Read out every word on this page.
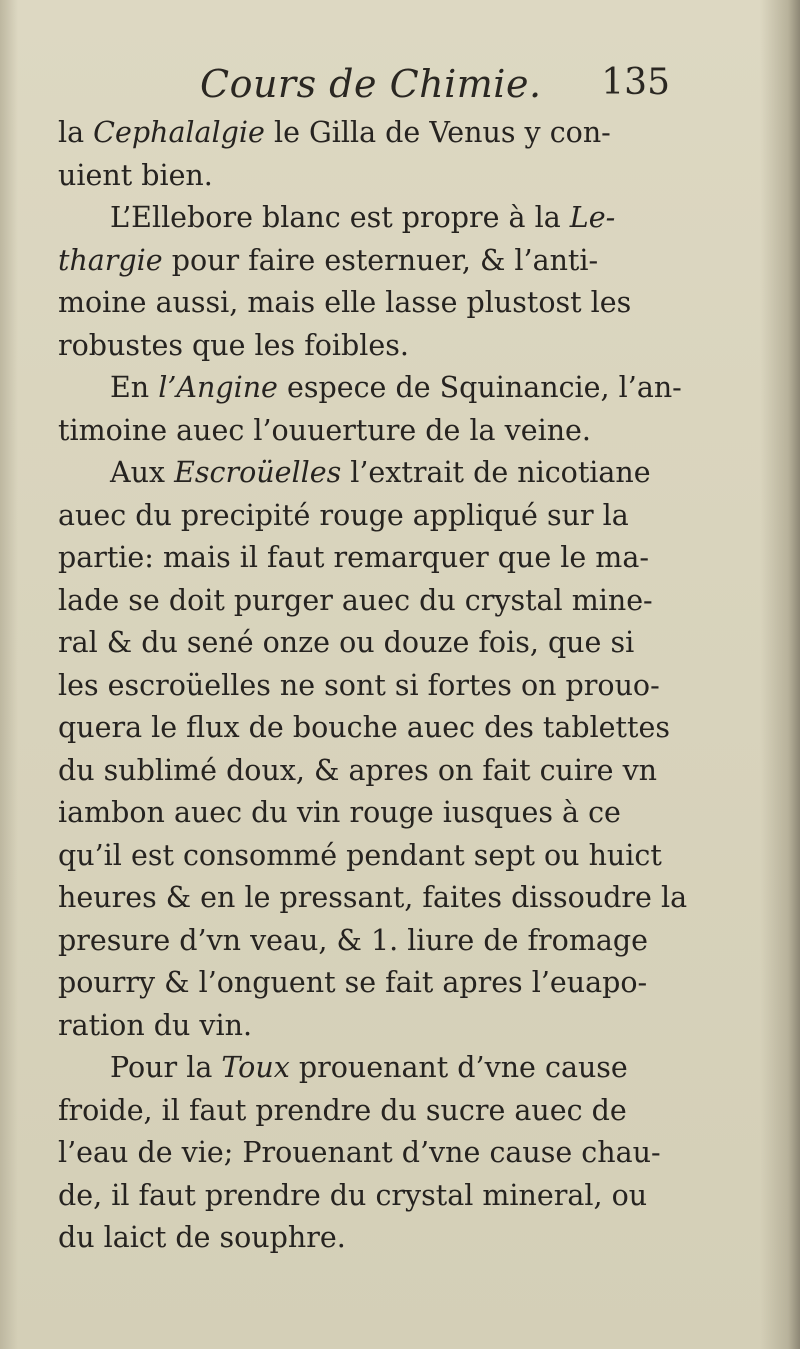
Cours de Chimie. 135
la Cephalalgie le Gilla de Venus y con-
uient bien.
L’Ellebore blanc est propre à la Le-
thargie pour faire esternuer, & l’anti-
moine aussi, mais elle lasse plustost les
robustes que les foibles.
En l’Angine espece de Squinancie, l’an-
timoine auec l’ouuerture de la veine.
Aux Escroüelles l’extrait de nicotiane
auec du precipité rouge appliqué sur la
partie: mais il faut remarquer que le ma-
lade se doit purger auec du crystal mine-
ral & du sené onze ou douze fois, que si
les escroüelles ne sont si fortes on prouo-
quera le flux de bouche auec des tablettes
du sublimé doux, & apres on fait cuire vn
iambon auec du vin rouge iusques à ce
qu’il est consommé pendant sept ou huict
heures & en le pressant, faites dissoudre la
presure d’vn veau, & 1. liure de fromage
pourry & l’onguent se fait apres l’euapo-
ration du vin.
Pour la Toux prouenant d’vne cause
froide, il faut prendre du sucre auec de
l’eau de vie; Prouenant d’vne cause chau-
de, il faut prendre du crystal mineral, ou
du laict de souphre.
